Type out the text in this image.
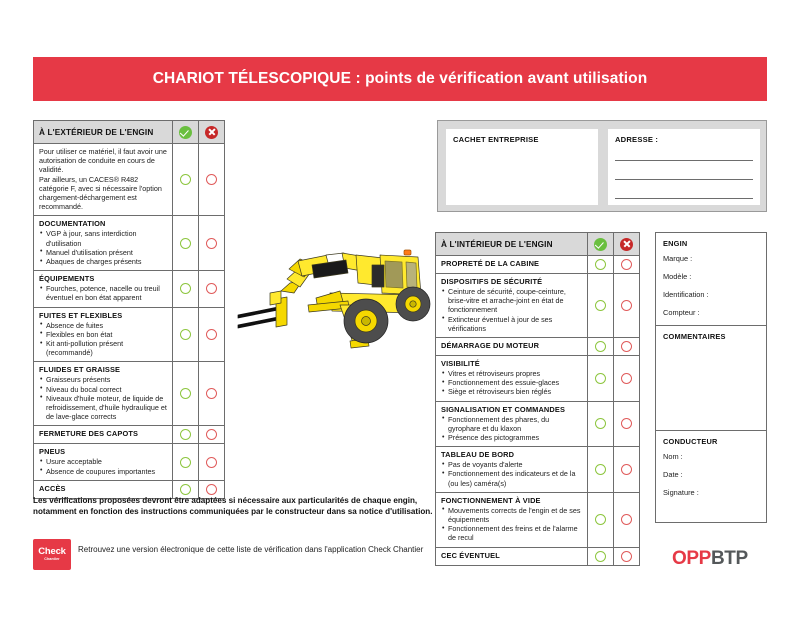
CHARIOT TÉLESCOPIQUE : points de vérification avant utilisation
À L'EXTÉRIEUR DE L'ENGIN
Pour utiliser ce matériel, il faut avoir une autorisation de conduite en cours de validité.
Par ailleurs, un CACES® R482 catégorie F, avec si nécessaire l'option chargement-déchargement est recommandé.
DOCUMENTATION
• VGP à jour, sans interdiction d'utilisation
• Manuel d'utilisation présent
• Abaques de charges présents
ÉQUIPEMENTS
• Fourches, potence, nacelle ou treuil éventuel en bon état apparent
FUITES ET FLEXIBLES
• Absence de fuites
• Flexibles en bon état
• Kit anti-pollution présent (recommandé)
FLUIDES ET GRAISSE
• Graisseurs présents
• Niveau du bocal correct
• Niveaux d'huile moteur, de liquide de refroidissement, d'huile hydraulique et de lave-glace corrects
FERMETURE DES CAPOTS
PNEUS
• Usure acceptable
• Absence de coupures importantes
ACCÈS
CACHET ENTREPRISE	ADRESSE :
À L'INTÉRIEUR DE L'ENGIN
PROPRETÉ DE LA CABINE
DISPOSITIFS DE SÉCURITÉ
• Ceinture de sécurité, coupe-ceinture, brise-vitre et arrache-joint en état de fonctionnement
• Extincteur éventuel à jour de ses vérifications
DÉMARRAGE DU MOTEUR
VISIBILITÉ
• Vitres et rétroviseurs propres
• Fonctionnement des essuie-glaces
• Siège et rétroviseurs bien réglés
SIGNALISATION ET COMMANDES
• Fonctionnement des phares, du gyrophare et du klaxon
• Présence des pictogrammes
TABLEAU DE BORD
• Pas de voyants d'alerte
• Fonctionnement des indicateurs et de la (ou les) caméra(s)
FONCTIONNEMENT À VIDE
• Mouvements corrects de l'engin et de ses équipements
• Fonctionnement des freins et de l'alarme de recul
CEC ÉVENTUEL
ENGIN
Marque :
Modèle :
Identification :
Compteur :
COMMENTAIRES
CONDUCTEUR
Nom :
Date :
Signature :
Les vérifications proposées devront être adaptées si nécessaire aux particularités de chaque engin, notamment en fonction des instructions communiquées par le constructeur dans sa notice d'utilisation.
Check
Chantier
Retrouvez une version électronique de cette liste de vérification dans l'application Check Chantier	OPPBTP
